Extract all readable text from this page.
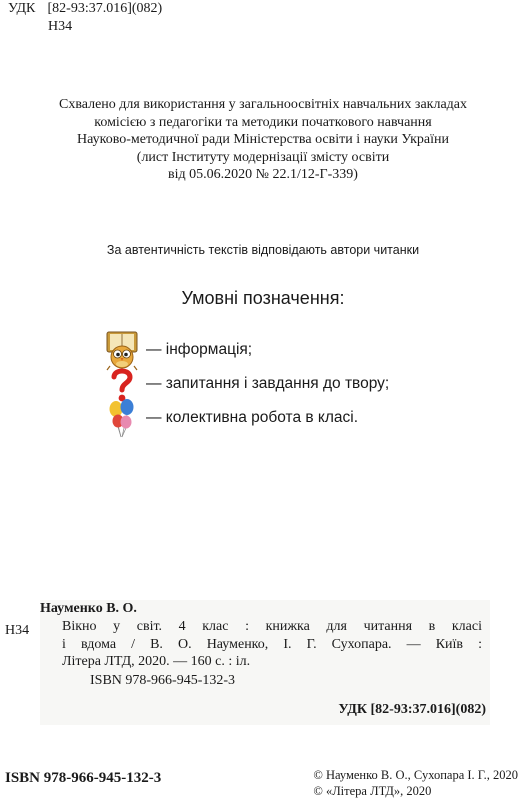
УДК [82-93:37.016](082)
Н34
Схвалено для використання у загальноосвітніх навчальних закладах
комісією з педагогіки та методики початкового навчання
Науково-методичної ради Міністерства освіти і науки України
(лист Інституту модернізації змісту освіти
від 05.06.2020 № 22.1/12-Г-339)
За автентичність текстів відповідають автори читанки
Умовні позначення:
— інформація;
— запитання і завдання до твору;
— колективна робота в класі.
Н34
Науменко В. О.
Вікно у світ. 4 клас : книжка для читання в класі
і вдома / В. О. Науменко, І. Г. Сухопара. — Київ :
Літера ЛТД, 2020. — 160 с. : іл.
ISBN 978-966-945-132-3
УДК [82-93:37.016](082)
ISBN 978-966-945-132-3	© Науменко В. О., Сухопара І. Г., 2020
© «Літера ЛТД», 2020
